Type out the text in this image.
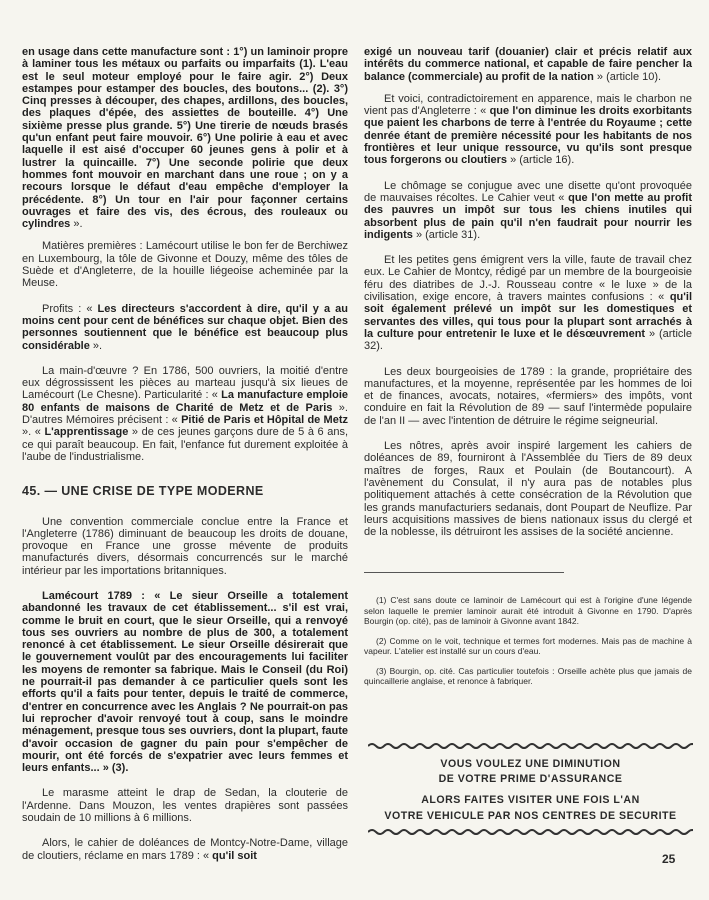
en usage dans cette manufacture sont : 1°) un laminoir propre à laminer tous les métaux ou parfaits ou imparfaits (1). L'eau est le seul moteur employé pour le faire agir. 2°) Deux estampes pour estamper des boucles, des boutons... (2). 3°) Cinq presses à découper, des chapes, ardillons, des boucles, des plaques d'épée, des assiettes de bouteille. 4°) Une sixième presse plus grande. 5°) Une tirerie de nœuds brasés qu'un enfant peut faire mouvoir. 6°) Une polirie à eau et avec laquelle il est aisé d'occuper 60 jeunes gens à polir et à lustrer la quincaille. 7°) Une seconde polirie que deux hommes font mouvoir en marchant dans une roue ; on y a recours lorsque le défaut d'eau empêche d'employer la précédente. 8°) Un tour en l'air pour façonner certains ouvrages et faire des vis, des écrous, des rouleaux ou cylindres ».

Matières premières : Lamécourt utilise le bon fer de Berchiwez en Luxembourg, la tôle de Givonne et Douzy, même des tôles de Suède et d'Angleterre, de la houille liégeoise acheminée par la Meuse.

Profits : « Les directeurs s'accordent à dire, qu'il y a au moins cent pour cent de bénéfices sur chaque objet. Bien des personnes soutiennent que le bénéfice est beaucoup plus considérable ».

La main-d'œuvre ? En 1786, 500 ouvriers, la moitié d'entre eux dégrossissent les pièces au marteau jusqu'à six lieues de Lamécourt (Le Chesne). Particularité : « La manufacture emploie 80 enfants de maisons de Charité de Metz et de Paris ». D'autres Mémoires précisent : « Pitié de Paris et Hôpital de Metz ». « L'apprentissage » de ces jeunes garçons dure de 5 à 6 ans, ce qui paraît beaucoup. En fait, l'enfance fut durement exploitée à l'aube de l'industrialisme.

45. — UNE CRISE DE TYPE MODERNE

Une convention commerciale conclue entre la France et l'Angleterre (1786) diminuant de beaucoup les droits de douane, provoque en France une grosse mévente de produits manufacturés divers, désormais concurrencés sur le marché intérieur par les importations britanniques.

Lamécourt 1789 : « Le sieur Orseille a totalement abandonné les travaux de cet établissement... s'il est vrai, comme le bruit en court, que le sieur Orseille, qui a renvoyé tous ses ouvriers au nombre de plus de 300, a totalement renoncé à cet établissement. Le sieur Orseille désirerait que le gouvernement voulût par des encouragements lui faciliter les moyens de remonter sa fabrique. Mais le Conseil (du Roi) ne pourrait-il pas demander à ce particulier quels sont les efforts qu'il a faits pour tenter, depuis le traité de commerce, d'entrer en concurrence avec les Anglais ? Ne pourrait-on pas lui reprocher d'avoir renvoyé tout à coup, sans le moindre ménagement, presque tous ses ouvriers, dont la plupart, faute d'avoir occasion de gagner du pain pour s'empêcher de mourir, ont été forcés de s'expatrier avec leurs femmes et leurs enfants... » (3).

Le marasme atteint le drap de Sedan, la clouterie de l'Ardenne. Dans Mouzon, les ventes drapières sont passées soudain de 10 millions à 6 millions.

Alors, le cahier de doléances de Montcy-Notre-Dame, village de cloutiers, réclame en mars 1789 : « qu'il soit

exigé un nouveau tarif (douanier) clair et précis relatif aux intérêts du commerce national, et capable de faire pencher la balance (commerciale) au profit de la nation » (article 10).

Et voici, contradictoirement en apparence, mais le charbon ne vient pas d'Angleterre : « que l'on diminue les droits exorbitants que paient les charbons de terre à l'entrée du Royaume ; cette denrée étant de première nécessité pour les habitants de nos frontières et leur unique ressource, vu qu'ils sont presque tous forgerons ou cloutiers » (article 16).

Le chômage se conjugue avec une disette qu'ont provoquée de mauvaises récoltes. Le Cahier veut « que l'on mette au profit des pauvres un impôt sur tous les chiens inutiles qui absorbent plus de pain qu'il n'en faudrait pour nourrir les indigents » (article 31).

Et les petites gens émigrent vers la ville, faute de travail chez eux. Le Cahier de Montcy, rédigé par un membre de la bourgeoisie féru des diatribes de J.-J. Rousseau contre « le luxe » de la civilisation, exige encore, à travers maintes confusions : « qu'il soit également prélevé un impôt sur les domestiques et servantes des villes, qui tous pour la plupart sont arrachés à la culture pour entretenir le luxe et le désœuvrement » (article 32).

Les deux bourgeoisies de 1789 : la grande, propriétaire des manufactures, et la moyenne, représentée par les hommes de loi et de finances, avocats, notaires, «fermiers» des impôts, vont conduire en fait la Révolution de 89 — sauf l'intermède populaire de l'an II — avec l'intention de détruire le régime seigneurial.

Les nôtres, après avoir inspiré largement les cahiers de doléances de 89, fourniront à l'Assemblée du Tiers de 89 deux maîtres de forges, Raux et Poulain (de Boutancourt). A l'avènement du Consulat, il n'y aura pas de notables plus politiquement attachés à cette consécration de la Révolution que les grands manufacturiers sedanais, dont Poupart de Neuflize. Par leurs acquisitions massives de biens nationaux issus du clergé et de la noblesse, ils détruiront les assises de la société ancienne.

(1) C'est sans doute ce laminoir de Lamécourt qui est à l'origine d'une légende selon laquelle le premier laminoir aurait été introduit à Givonne en 1790. D'après Bourgin (op. cité), pas de laminoir à Givonne avant 1842.

(2) Comme on le voit, technique et termes fort modernes. Mais pas de machine à vapeur. L'atelier est installé sur un cours d'eau.

(3) Bourgin, op. cité. Cas particulier toutefois : Orseille achète plus que jamais de quincaillerie anglaise, et renonce à fabriquer.

VOUS VOULEZ UNE DIMINUTION
DE VOTRE PRIME D'ASSURANCE
ALORS FAITES VISITER UNE FOIS L'AN
VOTRE VEHICULE PAR NOS CENTRES DE SECURITE
25
